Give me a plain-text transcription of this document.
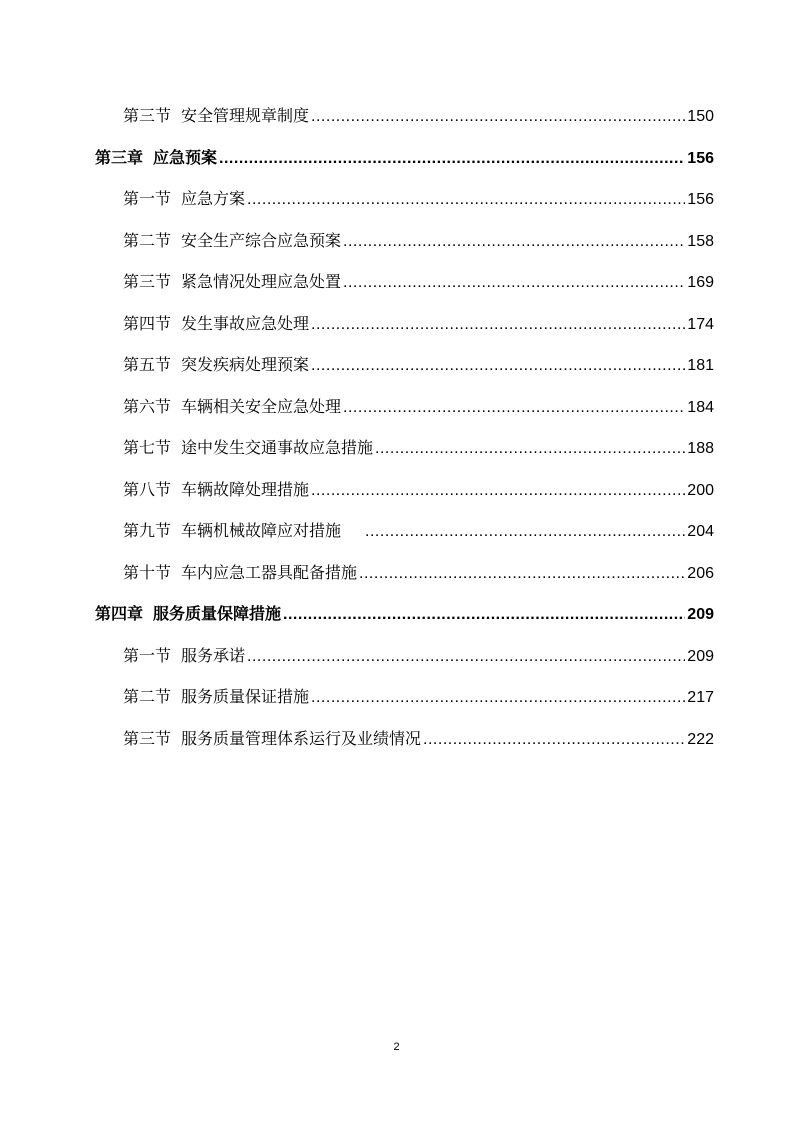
第三节 安全管理规章制度 .....	150
第三章 应急预案 .....	156
第一节 应急方案 .....	156
第二节 安全生产综合应急预案 .....	158
第三节 紧急情况处理应急处置 .....	169
第四节 发生事故应急处理 .....	174
第五节 突发疾病处理预案 .....	181
第六节 车辆相关安全应急处理 .....	184
第七节 途中发生交通事故应急措施 .....	188
第八节 车辆故障处理措施 .....	200
第九节 车辆机械故障应对措施 .....	204
第十节 车内应急工器具配备措施 .....	206
第四章 服务质量保障措施 .....	209
第一节 服务承诺 .....	209
第二节 服务质量保证措施 .....	217
第三节 服务质量管理体系运行及业绩情况 .....	222
2
